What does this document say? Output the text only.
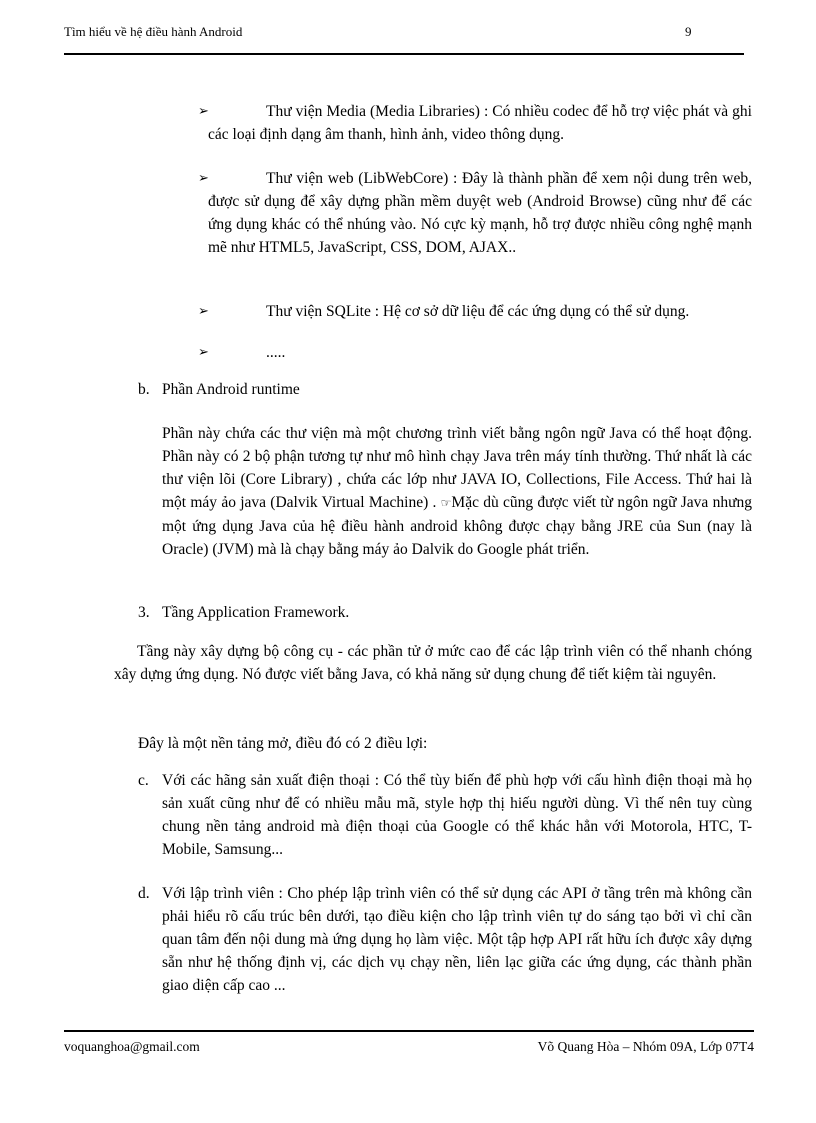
Tìm hiểu về hệ điều hành Android	9
➢	Thư viện Media (Media Libraries) : Có nhiều codec để hỗ trợ việc phát và ghi các loại định dạng âm thanh, hình ảnh, video thông dụng.
➢	Thư viện web (LibWebCore) : Đây là thành phần để xem nội dung trên web, được sử dụng để xây dựng phần mềm duyệt web (Android Browse) cũng như để các ứng dụng khác có thể nhúng vào. Nó cực kỳ mạnh, hỗ trợ được nhiều công nghệ mạnh mẽ như HTML5, JavaScript, CSS, DOM, AJAX..
➢	Thư viện SQLite : Hệ cơ sở dữ liệu để các ứng dụng có thể sử dụng.
➢	.....
b. Phần Android runtime

Phần này chứa các thư viện mà một chương trình viết bằng ngôn ngữ Java có thể hoạt động. Phần này có 2 bộ phận tương tự như mô hình chạy Java trên máy tính thường. Thứ nhất là các thư viện lõi (Core Library) , chứa các lớp như JAVA IO, Collections, File Access. Thứ hai là một máy ảo java (Dalvik Virtual Machine) . ☞Mặc dù cũng được viết từ ngôn ngữ Java nhưng một ứng dụng Java của hệ điều hành android không được chạy bằng JRE của Sun (nay là Oracle) (JVM) mà là chạy bằng máy ảo Dalvik do Google phát triển.

3. Tầng Application Framework.

Tầng này xây dựng bộ công cụ - các phần tử ở mức cao để các lập trình viên có thể nhanh chóng xây dựng ứng dụng. Nó được viết bằng Java, có khả năng sử dụng chung để tiết kiệm tài nguyên.

Đây là một nền tảng mở, điều đó có 2 điều lợi:

c. Với các hãng sản xuất điện thoại : Có thể tùy biến để phù hợp với cấu hình điện thoại mà họ sản xuất cũng như để có nhiều mẫu mã, style hợp thị hiếu người dùng. Vì thế nên tuy cùng chung nền tảng android mà điện thoại của Google có thể khác hẳn với Motorola, HTC, T-Mobile, Samsung...

d. Với lập trình viên : Cho phép lập trình viên có thể sử dụng các API ở tầng trên mà không cần phải hiểu rõ cấu trúc bên dưới, tạo điều kiện cho lập trình viên tự do sáng tạo bởi vì chỉ cần quan tâm đến nội dung mà ứng dụng họ làm việc. Một tập hợp API rất hữu ích được xây dựng sẵn như hệ thống định vị, các dịch vụ chạy nền, liên lạc giữa các ứng dụng, các thành phần giao diện cấp cao ...

voquanghoa@gmail.com	Võ Quang Hòa – Nhóm 09A, Lớp 07T4
